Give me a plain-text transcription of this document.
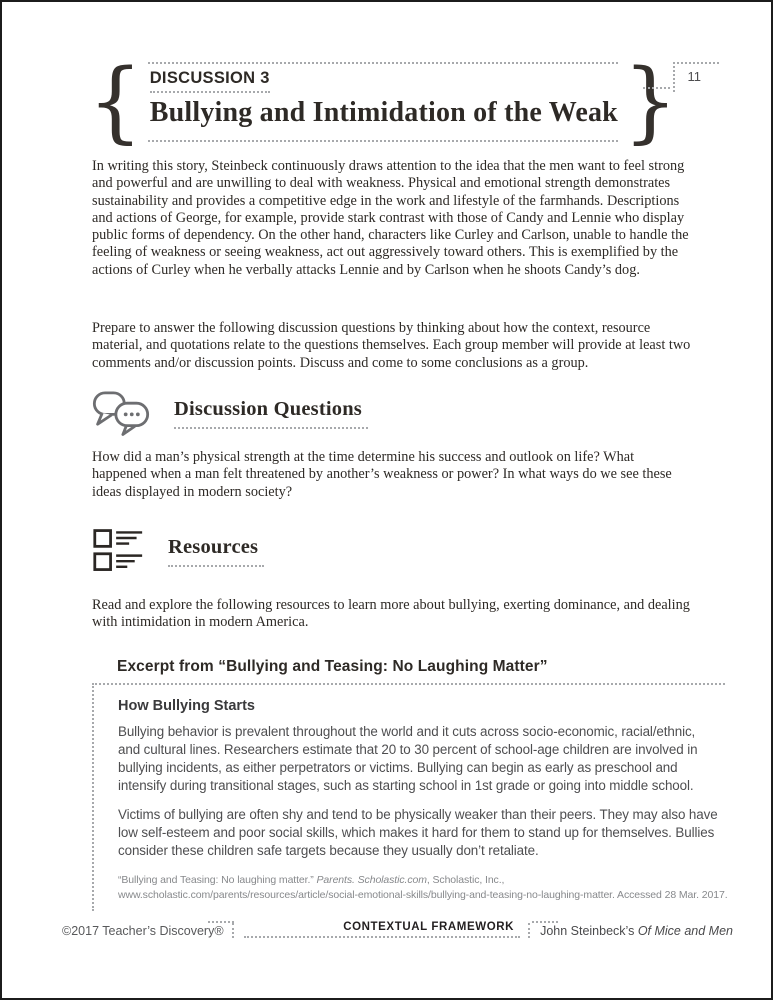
{ DISCUSSION 3
Bullying and Intimidation of the Weak } 11

In writing this story, Steinbeck continuously draws attention to the idea that the men want to feel strong and powerful and are unwilling to deal with weakness. Physical and emotional strength demonstrates sustainability and provides a competitive edge in the work and lifestyle of the farmhands. Descriptions and actions of George, for example, provide stark contrast with those of Candy and Lennie who display public forms of dependency. On the other hand, characters like Curley and Carlson, unable to handle the feeling of weakness or seeing weakness, act out aggressively toward others. This is exemplified by the actions of Curley when he verbally attacks Lennie and by Carlson when he shoots Candy’s dog.

Prepare to answer the following discussion questions by thinking about how the context, resource material, and quotations relate to the questions themselves. Each group member will provide at least two comments and/or discussion points. Discuss and come to some conclusions as a group.

Discussion Questions

How did a man’s physical strength at the time determine his success and outlook on life? What happened when a man felt threatened by another’s weakness or power? In what ways do we see these ideas displayed in modern society?

Resources

Read and explore the following resources to learn more about bullying, exerting dominance, and dealing with intimidation in modern America.

Excerpt from “Bullying and Teasing: No Laughing Matter”
How Bullying Starts

Bullying behavior is prevalent throughout the world and it cuts across socio-economic, racial/ethnic, and cultural lines. Researchers estimate that 20 to 30 percent of school-age children are involved in bullying incidents, as either perpetrators or victims. Bullying can begin as early as preschool and intensify during transitional stages, such as starting school in 1st grade or going into middle school.

Victims of bullying are often shy and tend to be physically weaker than their peers. They may also have low self-esteem and poor social skills, which makes it hard for them to stand up for themselves. Bullies consider these children safe targets because they usually don’t retaliate.

“Bullying and Teasing: No laughing matter.” Parents. Scholastic.com, Scholastic, Inc.,
www.scholastic.com/parents/resources/article/social-emotional-skills/bullying-and-teasing-no-laughing-matter. Accessed 28 Mar. 2017.

©2017 Teacher’s Discovery®	CONTEXTUAL FRAMEWORK John Steinbeck’s Of Mice and Men
